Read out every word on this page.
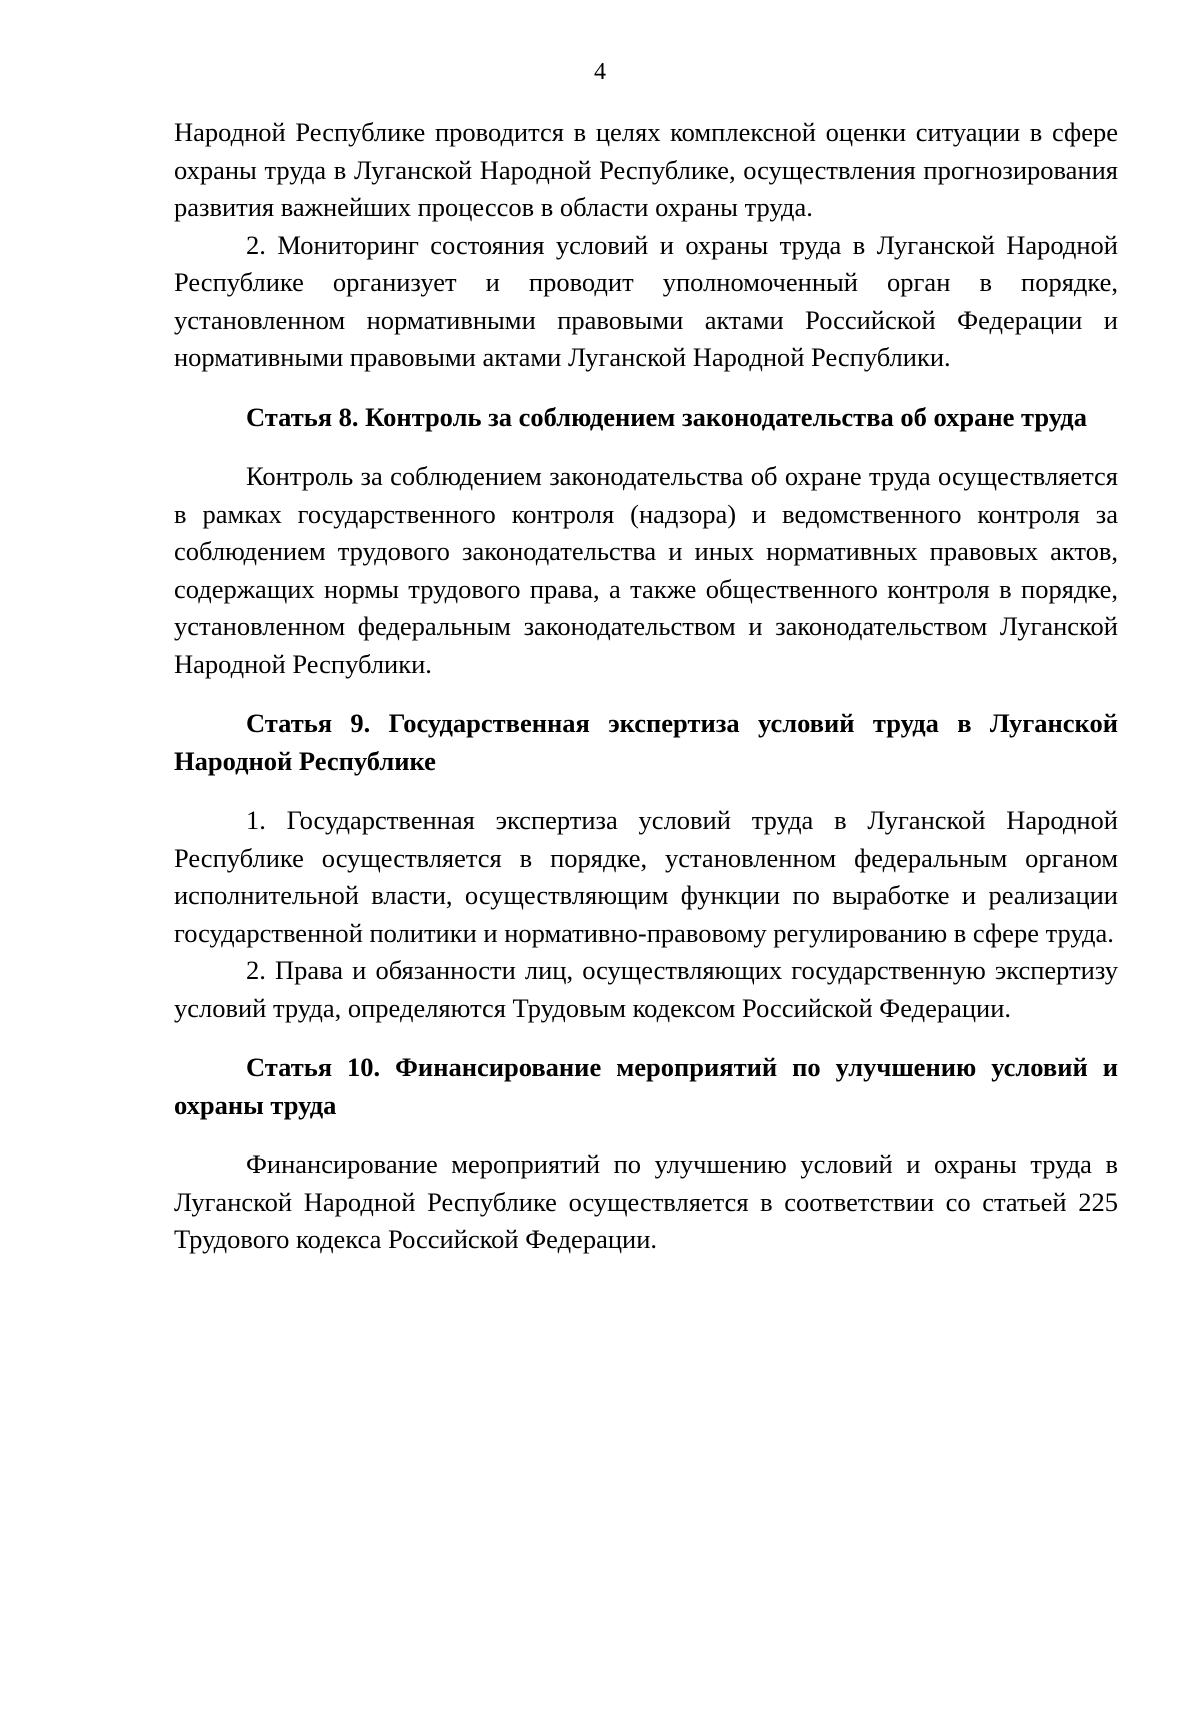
4

Народной Республике проводится в целях комплексной оценки ситуации в сфере охраны труда в Луганской Народной Республике, осуществления прогнозирования развития важнейших процессов в области охраны труда.

2. Мониторинг состояния условий и охраны труда в Луганской Народной Республике организует и проводит уполномоченный орган в порядке, установленном нормативными правовыми актами Российской Федерации и нормативными правовыми актами Луганской Народной Республики.

Статья 8. Контроль за соблюдением законодательства об охране труда

Контроль за соблюдением законодательства об охране труда осуществляется в рамках государственного контроля (надзора) и ведомственного контроля за соблюдением трудового законодательства и иных нормативных правовых актов, содержащих нормы трудового права, а также общественного контроля в порядке, установленном федеральным законодательством и законодательством Луганской Народной Республики.

Статья 9. Государственная экспертиза условий труда в Луганской Народной Республике

1. Государственная экспертиза условий труда в Луганской Народной Республике осуществляется в порядке, установленном федеральным органом исполнительной власти, осуществляющим функции по выработке и реализации государственной политики и нормативно-правовому регулированию в сфере труда.

2. Права и обязанности лиц, осуществляющих государственную экспертизу условий труда, определяются Трудовым кодексом Российской Федерации.

Статья 10. Финансирование мероприятий по улучшению условий и охраны труда

Финансирование мероприятий по улучшению условий и охраны труда в Луганской Народной Республике осуществляется в соответствии со статьей 225 Трудового кодекса Российской Федерации.
